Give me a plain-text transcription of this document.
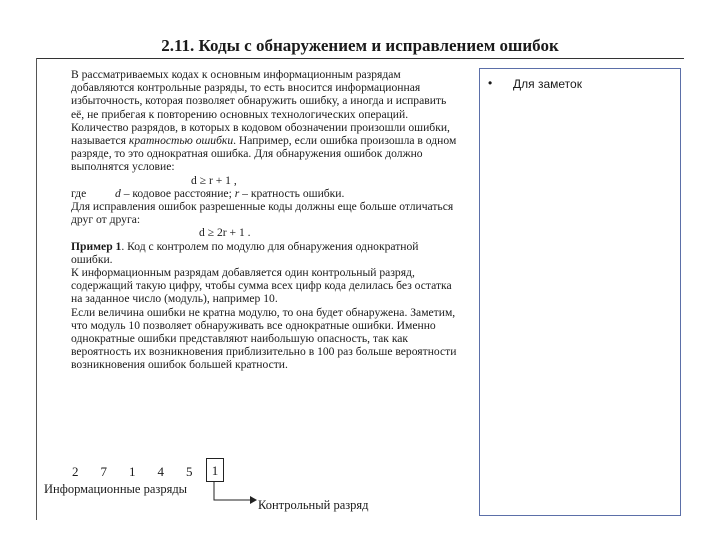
2.11. Коды с обнаружением и исправлением ошибок

В рассматриваемых кодах к основным информационным разрядам добавляются контрольные разряды, то есть вносится информационная избыточность, которая позволяет обнаружить ошибку, а иногда и исправить её, не прибегая к повторению основных технологических операций.

Количество разрядов, в которых в кодовом обозначении произошли ошибки, называется кратностью ошибки. Например, если ошибка произошла в одном разряде, то это однократная ошибка. Для обнаружения ошибок должно выполнятся условие:

d ≥ r + 1 ,

где d – кодовое расстояние; r – кратность ошибки.

Для исправления ошибок разрешенные коды должны еще больше отличаться друг от друга:

d ≥ 2r + 1 .

Пример 1. Код с контролем по модулю для обнаружения однократной ошибки.

К информационным разрядам добавляется один контрольный разряд, содержащий такую цифру, чтобы сумма всех цифр кода делилась без остатка на заданное число (модуль), например 10.

Если величина ошибки не кратна модулю, то она будет обнаружена. Заметим, что модуль 10 позволяет обнаруживать все однократные ошибки. Именно однократные ошибки представляют наибольшую опасность, так как вероятность их возникновения приблизительно в 100 раз больше вероятности возникновения ошибок большей кратности.

2 7 1 4 5	1
Информационные разряды
Контрольный разряд
• Для заметок
